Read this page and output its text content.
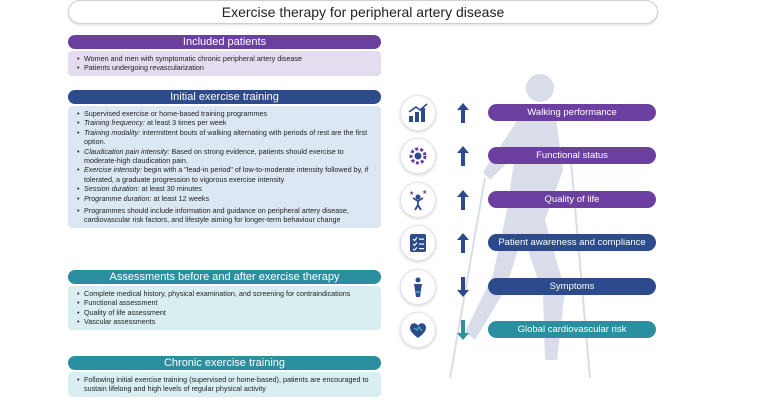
Exercise therapy for peripheral artery disease
Included patients
• Women and men with symptomatic chronic peripheral artery disease
• Patients undergoing revascularization
Initial exercise training
• Supervised exercise or home-based training programmes
• Training frequency: at least 3 times per week
• Training modality: intermittent bouts of walking alternating with periods of rest are the first option.
• Claudication pain intensity: Based on strong evidence, patients should exercise to moderate-high claudication pain.
• Exercise intensity: begin with a "lead-in period" of low-to-moderate intensity followed by, if tolerated, a graduate progression to vigorous exercise intensity
• Session duration: at least 30 minutes
• Programme duration: at least 12 weeks
• Programmes should include information and guidance on peripheral artery disease, cardiovascular risk factors, and lifestyle aiming for longer-term behaviour change
Assessments before and after exercise therapy
• Complete medical history, physical examination, and screening for contraindications
• Functional assessment
• Quality of life assessment
• Vascular assessments
Chronic exercise training
• Following initial exercise training (supervised or home-based), patients are encouraged to sustain lifelong and high levels of regular physical activity
Walking performance
Functional status
★ ★
Quality of life
Patient awareness and compliance
Symptoms
Global cardiovascular risk
